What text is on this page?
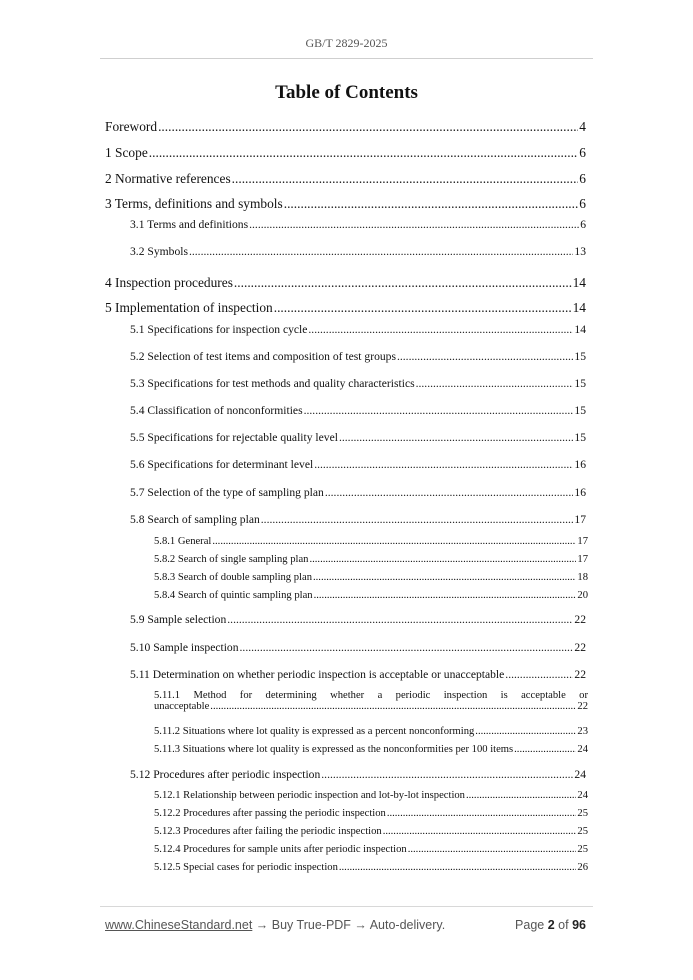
GB/T 2829-2025
Table of Contents
Foreword .....	4
1 Scope .....	6
2 Normative references .....	6
3 Terms, definitions and symbols .....	6
3.1 Terms and definitions .....	6
3.2 Symbols .....	13
4 Inspection procedures .....	14
5 Implementation of inspection .....	14
5.1 Specifications for inspection cycle .....	14
5.2 Selection of test items and composition of test groups .....	15
5.3 Specifications for test methods and quality characteristics .....	15
5.4 Classification of nonconformities .....	15
5.5 Specifications for rejectable quality level .....	15
5.6 Specifications for determinant level .....	16
5.7 Selection of the type of sampling plan .....	16
5.8 Search of sampling plan .....	17
5.8.1 General .....	17
5.8.2 Search of single sampling plan .....	17
5.8.3 Search of double sampling plan .....	18
5.8.4 Search of quintic sampling plan .....	20
5.9 Sample selection .....	22
5.10 Sample inspection .....	22
5.11 Determination on whether periodic inspection is acceptable or unacceptable .....	22
5.11.1 Method for determining whether a periodic inspection is acceptable or
unacceptable .....	22
5.11.2 Situations where lot quality is expressed as a percent nonconforming .....	23
5.11.3 Situations where lot quality is expressed as the nonconformities per 100 items .....	24
5.12 Procedures after periodic inspection .....	24
5.12.1 Relationship between periodic inspection and lot-by-lot inspection .....	24
5.12.2 Procedures after passing the periodic inspection .....	25
5.12.3 Procedures after failing the periodic inspection .....	25
5.12.4 Procedures for sample units after periodic inspection .....	25
5.12.5 Special cases for periodic inspection .....	26
www.ChineseStandard.net → Buy True-PDF → Auto-delivery.	Page 2 of 96
